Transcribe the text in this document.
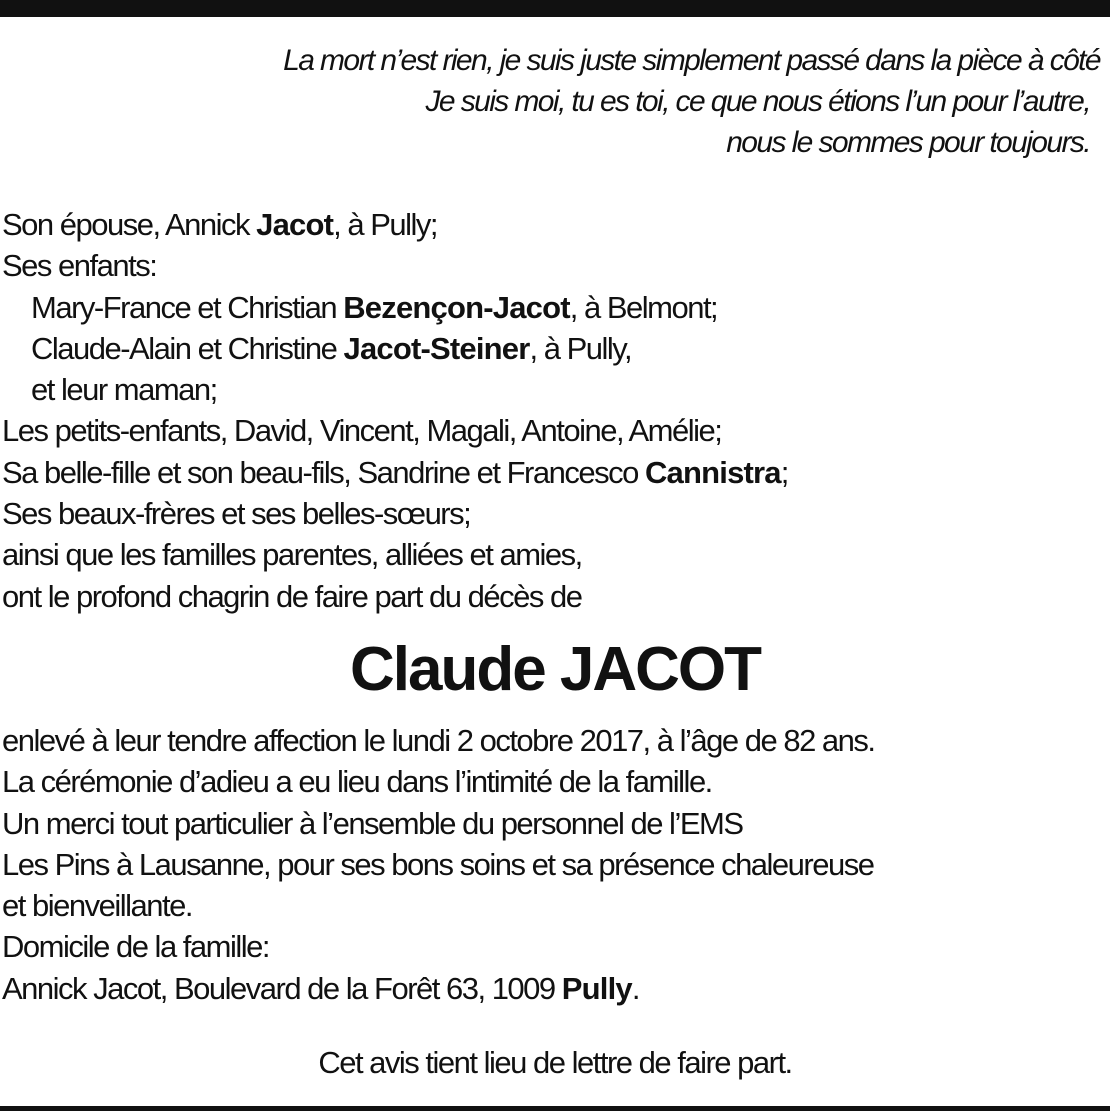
La mort n’est rien, je suis juste simplement passé dans la pièce à côté
Je suis moi, tu es toi, ce que nous étions l’un pour l’autre,
nous le sommes pour toujours.
Son épouse, Annick Jacot, à Pully;
Ses enfants:
Mary-France et Christian Bezençon-Jacot, à Belmont;
Claude-Alain et Christine Jacot-Steiner, à Pully,
et leur maman;
Les petits-enfants, David, Vincent, Magali, Antoine, Amélie;
Sa belle-fille et son beau-fils, Sandrine et Francesco Cannistra;
Ses beaux-frères et ses belles-sœurs;
ainsi que les familles parentes, alliées et amies,
ont le profond chagrin de faire part du décès de
Claude JACOT
enlevé à leur tendre affection le lundi 2 octobre 2017, à l’âge de 82 ans.
La cérémonie d’adieu a eu lieu dans l’intimité de la famille.
Un merci tout particulier à l’ensemble du personnel de l’EMS
Les Pins à Lausanne, pour ses bons soins et sa présence chaleureuse
et bienveillante.
Domicile de la famille:
Annick Jacot, Boulevard de la Forêt 63, 1009 Pully.
Cet avis tient lieu de lettre de faire part.
